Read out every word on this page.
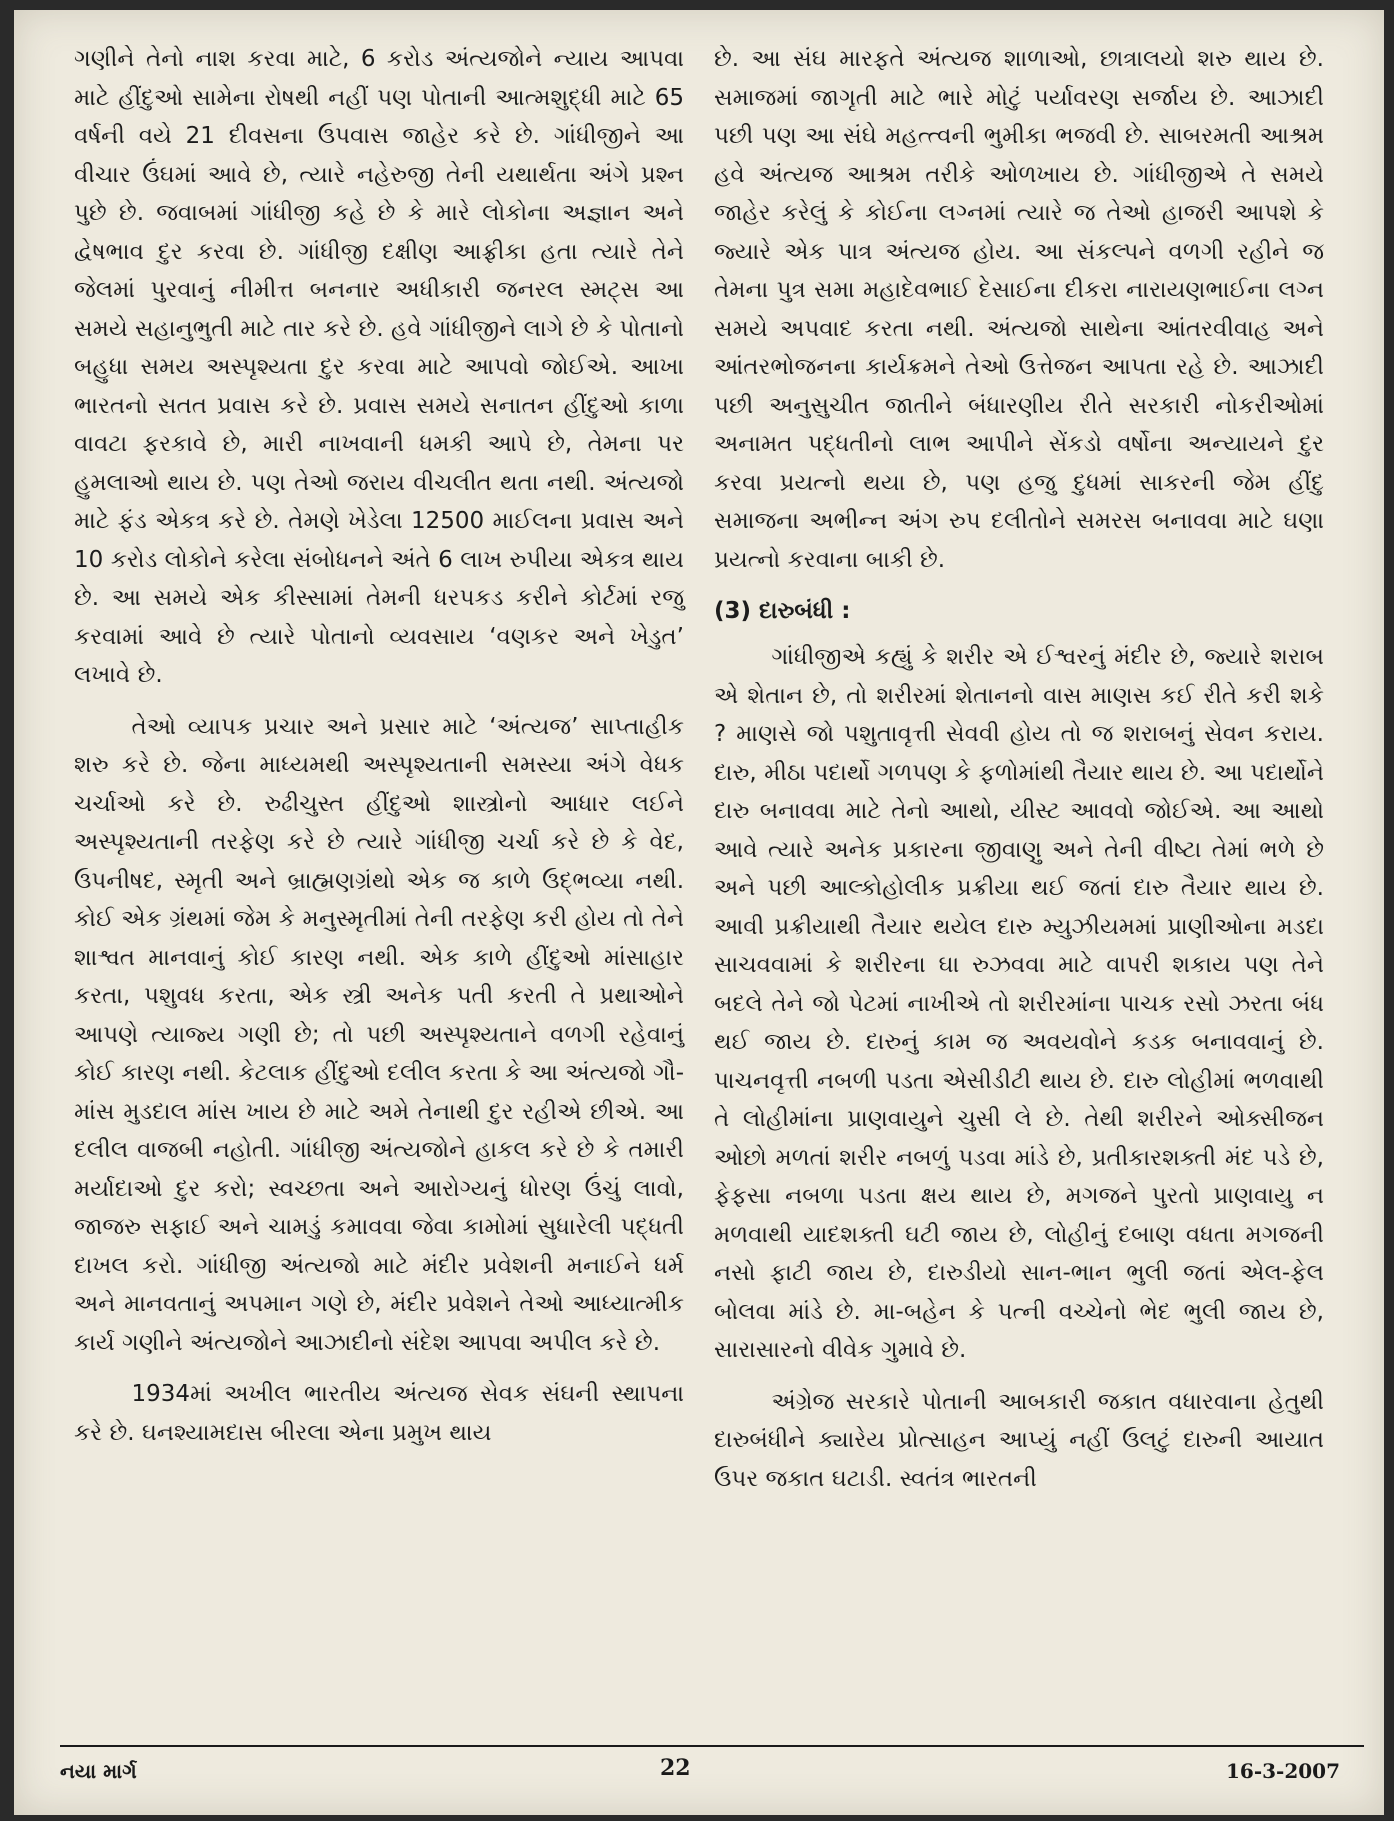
ગણીને તેનો નાશ કરવા માટે, 6 કરોડ અંત્યજોને ન્યાય આપવા માટે હીંદુઓ સામેના રોષથી નહીં પણ પોતાની આત્મશુદ્ધી માટે 65 વર્ષની વયે 21 દીવસના ઉપવાસ જાહેર કરે છે. ગાંધીજીને આ વીચાર ઉંઘમાં આવે છે, ત્યારે નહેરુજી તેની યથાર્થતા અંગે પ્રશ્ન પુછે છે. જવાબમાં ગાંધીજી કહે છે કે મારે લોકોના અજ્ઞાન અને દ્વેષભાવ દુર કરવા છે. ગાંધીજી દક્ષીણ આફ્રીકા હતા ત્યારે તેને જેલમાં પુરવાનું નીમીત્ત બનનાર અધીકારી જનરલ સ્મટ્સ આ સમયે સહાનુભુતી માટે તાર કરે છે. હવે ગાંધીજીને લાગે છે કે પોતાનો બહુધા સમય અસ્પૃશ્યતા દુર કરવા માટે આપવો જોઈએ. આખા ભારતનો સતત પ્રવાસ કરે છે. પ્રવાસ સમયે સનાતન હીંદુઓ કાળા વાવટા ફરકાવે છે, મારી નાખવાની ધમકી આપે છે, તેમના પર હુમલાઓ થાય છે. પણ તેઓ જરાય વીચલીત થતા નથી. અંત્યજો માટે ફંડ એકત્ર કરે છે. તેમણે ખેડેલા 12500 માઈલના પ્રવાસ અને 10 કરોડ લોકોને કરેલા સંબોધનને અંતે 6 લાખ રુપીયા એકત્ર થાય છે. આ સમયે એક કીસ્સામાં તેમની ધરપકડ કરીને કોર્ટમાં રજુ કરવામાં આવે છે ત્યારે પોતાનો વ્યવસાય ‘વણકર અને ખેડુત’ લખાવે છે.

તેઓ વ્યાપક પ્રચાર અને પ્રસાર માટે ‘અંત્યજ’ સાપ્તાહીક શરુ કરે છે. જેના માધ્યમથી અસ્પૃશ્યતાની સમસ્યા અંગે વેધક ચર્ચાઓ કરે છે. રુઢીચુસ્ત હીંદુઓ શાસ્ત્રોનો આધાર લઈને અસ્પૃશ્યતાની તરફેણ કરે છે ત્યારે ગાંધીજી ચર્ચા કરે છે કે વેદ, ઉપનીષદ, સ્મૃતી અને બ્રાહ્મણગ્રંથો એક જ કાળે ઉદ્ભવ્યા નથી. કોઈ એક ગ્રંથમાં જેમ કે મનુસ્મૃતીમાં તેની તરફેણ કરી હોય તો તેને શાશ્વત માનવાનું કોઈ કારણ નથી. એક કાળે હીંદુઓ માંસાહાર કરતા, પશુવધ કરતા, એક સ્ત્રી અનેક પતી કરતી તે પ્રથાઓને આપણે ત્યાજ્ય ગણી છે; તો પછી અસ્પૃશ્યતાને વળગી રહેવાનું કોઈ કારણ નથી. કેટલાક હીંદુઓ દલીલ કરતા કે આ અંત્યજો ગૌ-માંસ મુડદાલ માંસ ખાય છે માટે અમે તેનાથી દુર રહીએ છીએ. આ દલીલ વાજબી નહોતી. ગાંધીજી અંત્યજોને હાકલ કરે છે કે તમારી મર્યાદાઓ દુર કરો; સ્વચ્છતા અને આરોગ્યનું ધોરણ ઉંચું લાવો, જાજરુ સફાઈ અને ચામડું કમાવવા જેવા કામોમાં સુધારેલી પદ્ધતી દાખલ કરો. ગાંધીજી અંત્યજો માટે મંદીર પ્રવેશની મનાઈને ધર્મ અને માનવતાનું અપમાન ગણે છે, મંદીર પ્રવેશને તેઓ આધ્યાત્મીક કાર્ય ગણીને અંત્યજોને આઝાદીનો સંદેશ આપવા અપીલ કરે છે.

1934માં અખીલ ભારતીય અંત્યજ સેવક સંઘની સ્થાપના કરે છે. ઘનશ્યામદાસ બીરલા એના પ્રમુખ થાય

છે. આ સંઘ મારફતે અંત્યજ શાળાઓ, છાત્રાલયો શરુ થાય છે. સમાજમાં જાગૃતી માટે ભારે મોટું પર્યાવરણ સર્જાય છે. આઝાદી પછી પણ આ સંઘે મહત્ત્વની ભુમીકા ભજવી છે. સાબરમતી આશ્રમ હવે અંત્યજ આશ્રમ તરીકે ઓળખાય છે. ગાંધીજીએ તે સમયે જાહેર કરેલું કે કોઈના લગ્નમાં ત્યારે જ તેઓ હાજરી આપશે કે જ્યારે એક પાત્ર અંત્યજ હોય. આ સંકલ્પને વળગી રહીને જ તેમના પુત્ર સમા મહાદેવભાઈ દેસાઈના દીકરા નારાયણભાઈના લગ્ન સમયે અપવાદ કરતા નથી. અંત્યજો સાથેના આંતરવીવાહ અને આંતરભોજનના કાર્યક્રમને તેઓ ઉત્તેજન આપતા રહે છે. આઝાદી પછી અનુસુચીત જાતીને બંધારણીય રીતે સરકારી નોકરીઓમાં અનામત પદ્ધતીનો લાભ આપીને સેંકડો વર્ષોના અન્યાયને દુર કરવા પ્રયત્નો થયા છે, પણ હજુ દુધમાં સાકરની જેમ હીંદુ સમાજના અભીન્ન અંગ રુપ દલીતોને સમરસ બનાવવા માટે ઘણા પ્રયત્નો કરવાના બાકી છે.

(3) દારુબંધી :

ગાંધીજીએ કહ્યું કે શરીર એ ઈશ્વરનું મંદીર છે, જ્યારે શરાબ એ શેતાન છે, તો શરીરમાં શેતાનનો વાસ માણસ કઈ રીતે કરી શકે ? માણસે જો પશુતાવૃત્તી સેવવી હોય તો જ શરાબનું સેવન કરાય. દારુ, મીઠા પદાર્થો ગળપણ કે ફળોમાંથી તૈયાર થાય છે. આ પદાર્થોને દારુ બનાવવા માટે તેનો આથો, યીસ્ટ આવવો જોઈએ. આ આથો આવે ત્યારે અનેક પ્રકારના જીવાણુ અને તેની વીષ્ટા તેમાં ભળે છે અને પછી આલ્કોહોલીક પ્રક્રીયા થઈ જતાં દારુ તૈયાર થાય છે. આવી પ્રક્રીયાથી તૈયાર થયેલ દારુ મ્યુઝીયમમાં પ્રાણીઓના મડદા સાચવવામાં કે શરીરના ઘા રુઝવવા માટે વાપરી શકાય પણ તેને બદલે તેને જો પેટમાં નાખીએ તો શરીરમાંના પાચક રસો ઝરતા બંધ થઈ જાય છે. દારુનું કામ જ અવયવોને કડક બનાવવાનું છે. પાચનવૃત્તી નબળી પડતા એસીડીટી થાય છે. દારુ લોહીમાં ભળવાથી તે લોહીમાંના પ્રાણવાયુને ચુસી લે છે. તેથી શરીરને ઓક્સીજન ઓછો મળતાં શરીર નબળું પડવા માંડે છે, પ્રતીકારશક્તી મંદ પડે છે, ફેફસા નબળા પડતા ક્ષય થાય છે, મગજને પુરતો પ્રાણવાયુ ન મળવાથી યાદશક્તી ઘટી જાય છે, લોહીનું દબાણ વધતા મગજની નસો ફાટી જાય છે, દારુડીયો સાન-ભાન ભુલી જતાં એલ-ફેલ બોલવા માંડે છે. મા-બહેન કે પત્ની વચ્ચેનો ભેદ ભુલી જાય છે, સારાસારનો વીવેક ગુમાવે છે.

અંગ્રેજ સરકારે પોતાની આબકારી જકાત વધારવાના હેતુથી દારુબંધીને ક્યારેય પ્રોત્સાહન આપ્યું નહીં ઉલટું દારુની આયાત ઉપર જકાત ઘટાડી. સ્વતંત્ર ભારતની

નયા માર્ગ	22	16-3-2007
